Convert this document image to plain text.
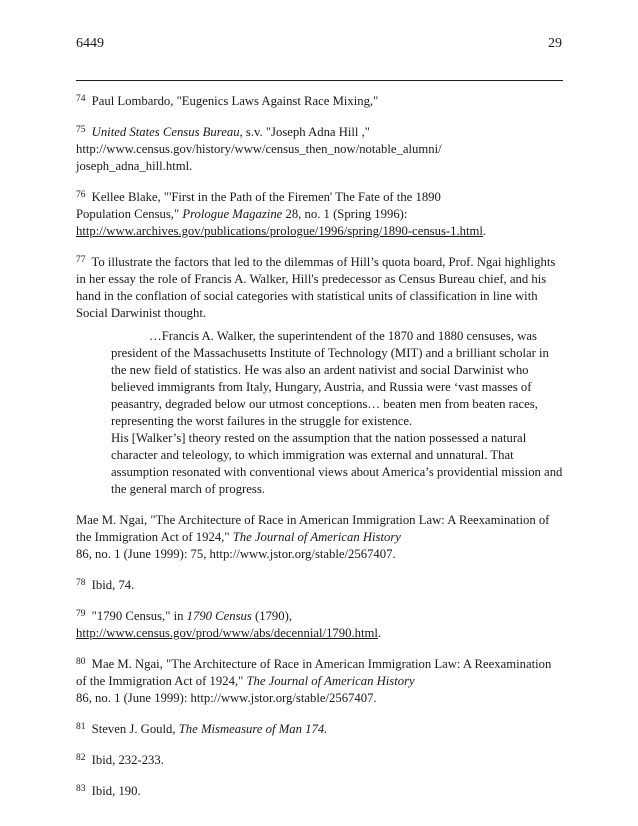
6449	29

$^{74}$ Paul Lombardo, "Eugenics Laws Against Race Mixing,"

$^{75}$ United States Census Bureau, s.v. "Joseph Adna Hill ,"
http://www.census.gov/history/www/census_then_now/notable_alumni/
joseph_adna_hill.html.

$^{76}$ Kellee Blake, "'First in the Path of the Firemen' The Fate of the 1890
Population Census," Prologue Magazine 28, no. 1 (Spring 1996):
http://www.archives.gov/publications/prologue/1996/spring/1890-census-1.html.

$^{77}$ To illustrate the factors that led to the dilemmas of Hill’s quota board, Prof. Ngai highlights in her essay the role of Francis A. Walker, Hill's predecessor as Census Bureau chief, and his hand in the conflation of social categories with statistical units of classification in line with Social Darwinist thought.

…Francis A. Walker, the superintendent of the 1870 and 1880 censuses, was president of the Massachusetts Institute of Technology (MIT) and a brilliant scholar in the new field of statistics. He was also an ardent nativist and social Darwinist who believed immigrants from Italy, Hungary, Austria, and Russia were ‘vast masses of peasantry, degraded below our utmost conceptions… beaten men from beaten races, representing the worst failures in the struggle for existence.

His [Walker’s] theory rested on the assumption that the nation possessed a natural character and teleology, to which immigration was external and unnatural. That assumption resonated with conventional views about America’s providential mission and the general march of progress.

Mae M. Ngai, "The Architecture of Race in American Immigration Law: A Reexamination of the Immigration Act of 1924," The Journal of American History
86, no. 1 (June 1999): 75, http://www.jstor.org/stable/2567407.

$^{78}$ Ibid, 74.

$^{79}$ "1790 Census," in 1790 Census (1790),
http://www.census.gov/prod/www/abs/decennial/1790.html.

$^{80}$ Mae M. Ngai, "The Architecture of Race in American Immigration Law: A Reexamination of the Immigration Act of 1924," The Journal of American History
86, no. 1 (June 1999): http://www.jstor.org/stable/2567407.

$^{81}$ Steven J. Gould, The Mismeasure of Man 174.

$^{82}$ Ibid, 232-233.

$^{83}$ Ibid, 190.
